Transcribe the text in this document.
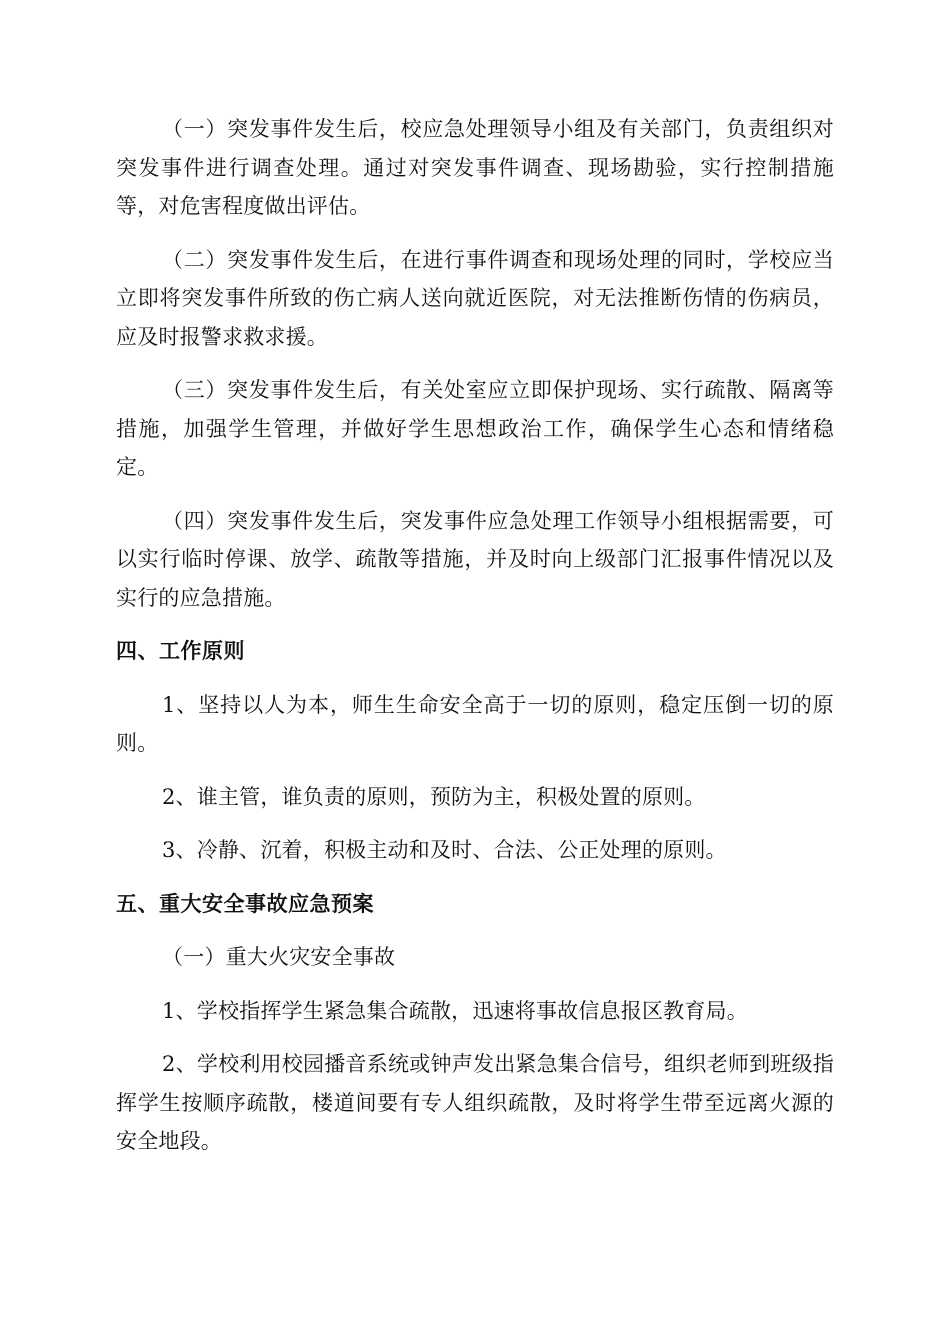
（一）突发事件发生后，校应急处理领导小组及有关部门，负责组织对突发事件进行调查处理。通过对突发事件调查、现场勘验，实行控制措施等，对危害程度做出评估。

（二）突发事件发生后，在进行事件调查和现场处理的同时，学校应当立即将突发事件所致的伤亡病人送向就近医院，对无法推断伤情的伤病员，应及时报警求救求援。

（三）突发事件发生后，有关处室应立即保护现场、实行疏散、隔离等措施，加强学生管理，并做好学生思想政治工作，确保学生心态和情绪稳定。

（四）突发事件发生后，突发事件应急处理工作领导小组根据需要，可以实行临时停课、放学、疏散等措施，并及时向上级部门汇报事件情况以及实行的应急措施。

四、工作原则

1、坚持以人为本，师生生命安全高于一切的原则，稳定压倒一切的原则。

2、谁主管，谁负责的原则，预防为主，积极处置的原则。

3、冷静、沉着，积极主动和及时、合法、公正处理的原则。

五、重大安全事故应急预案

（一）重大火灾安全事故

1、学校指挥学生紧急集合疏散，迅速将事故信息报区教育局。

2、学校利用校园播音系统或钟声发出紧急集合信号，组织老师到班级指挥学生按顺序疏散，楼道间要有专人组织疏散，及时将学生带至远离火源的安全地段。
